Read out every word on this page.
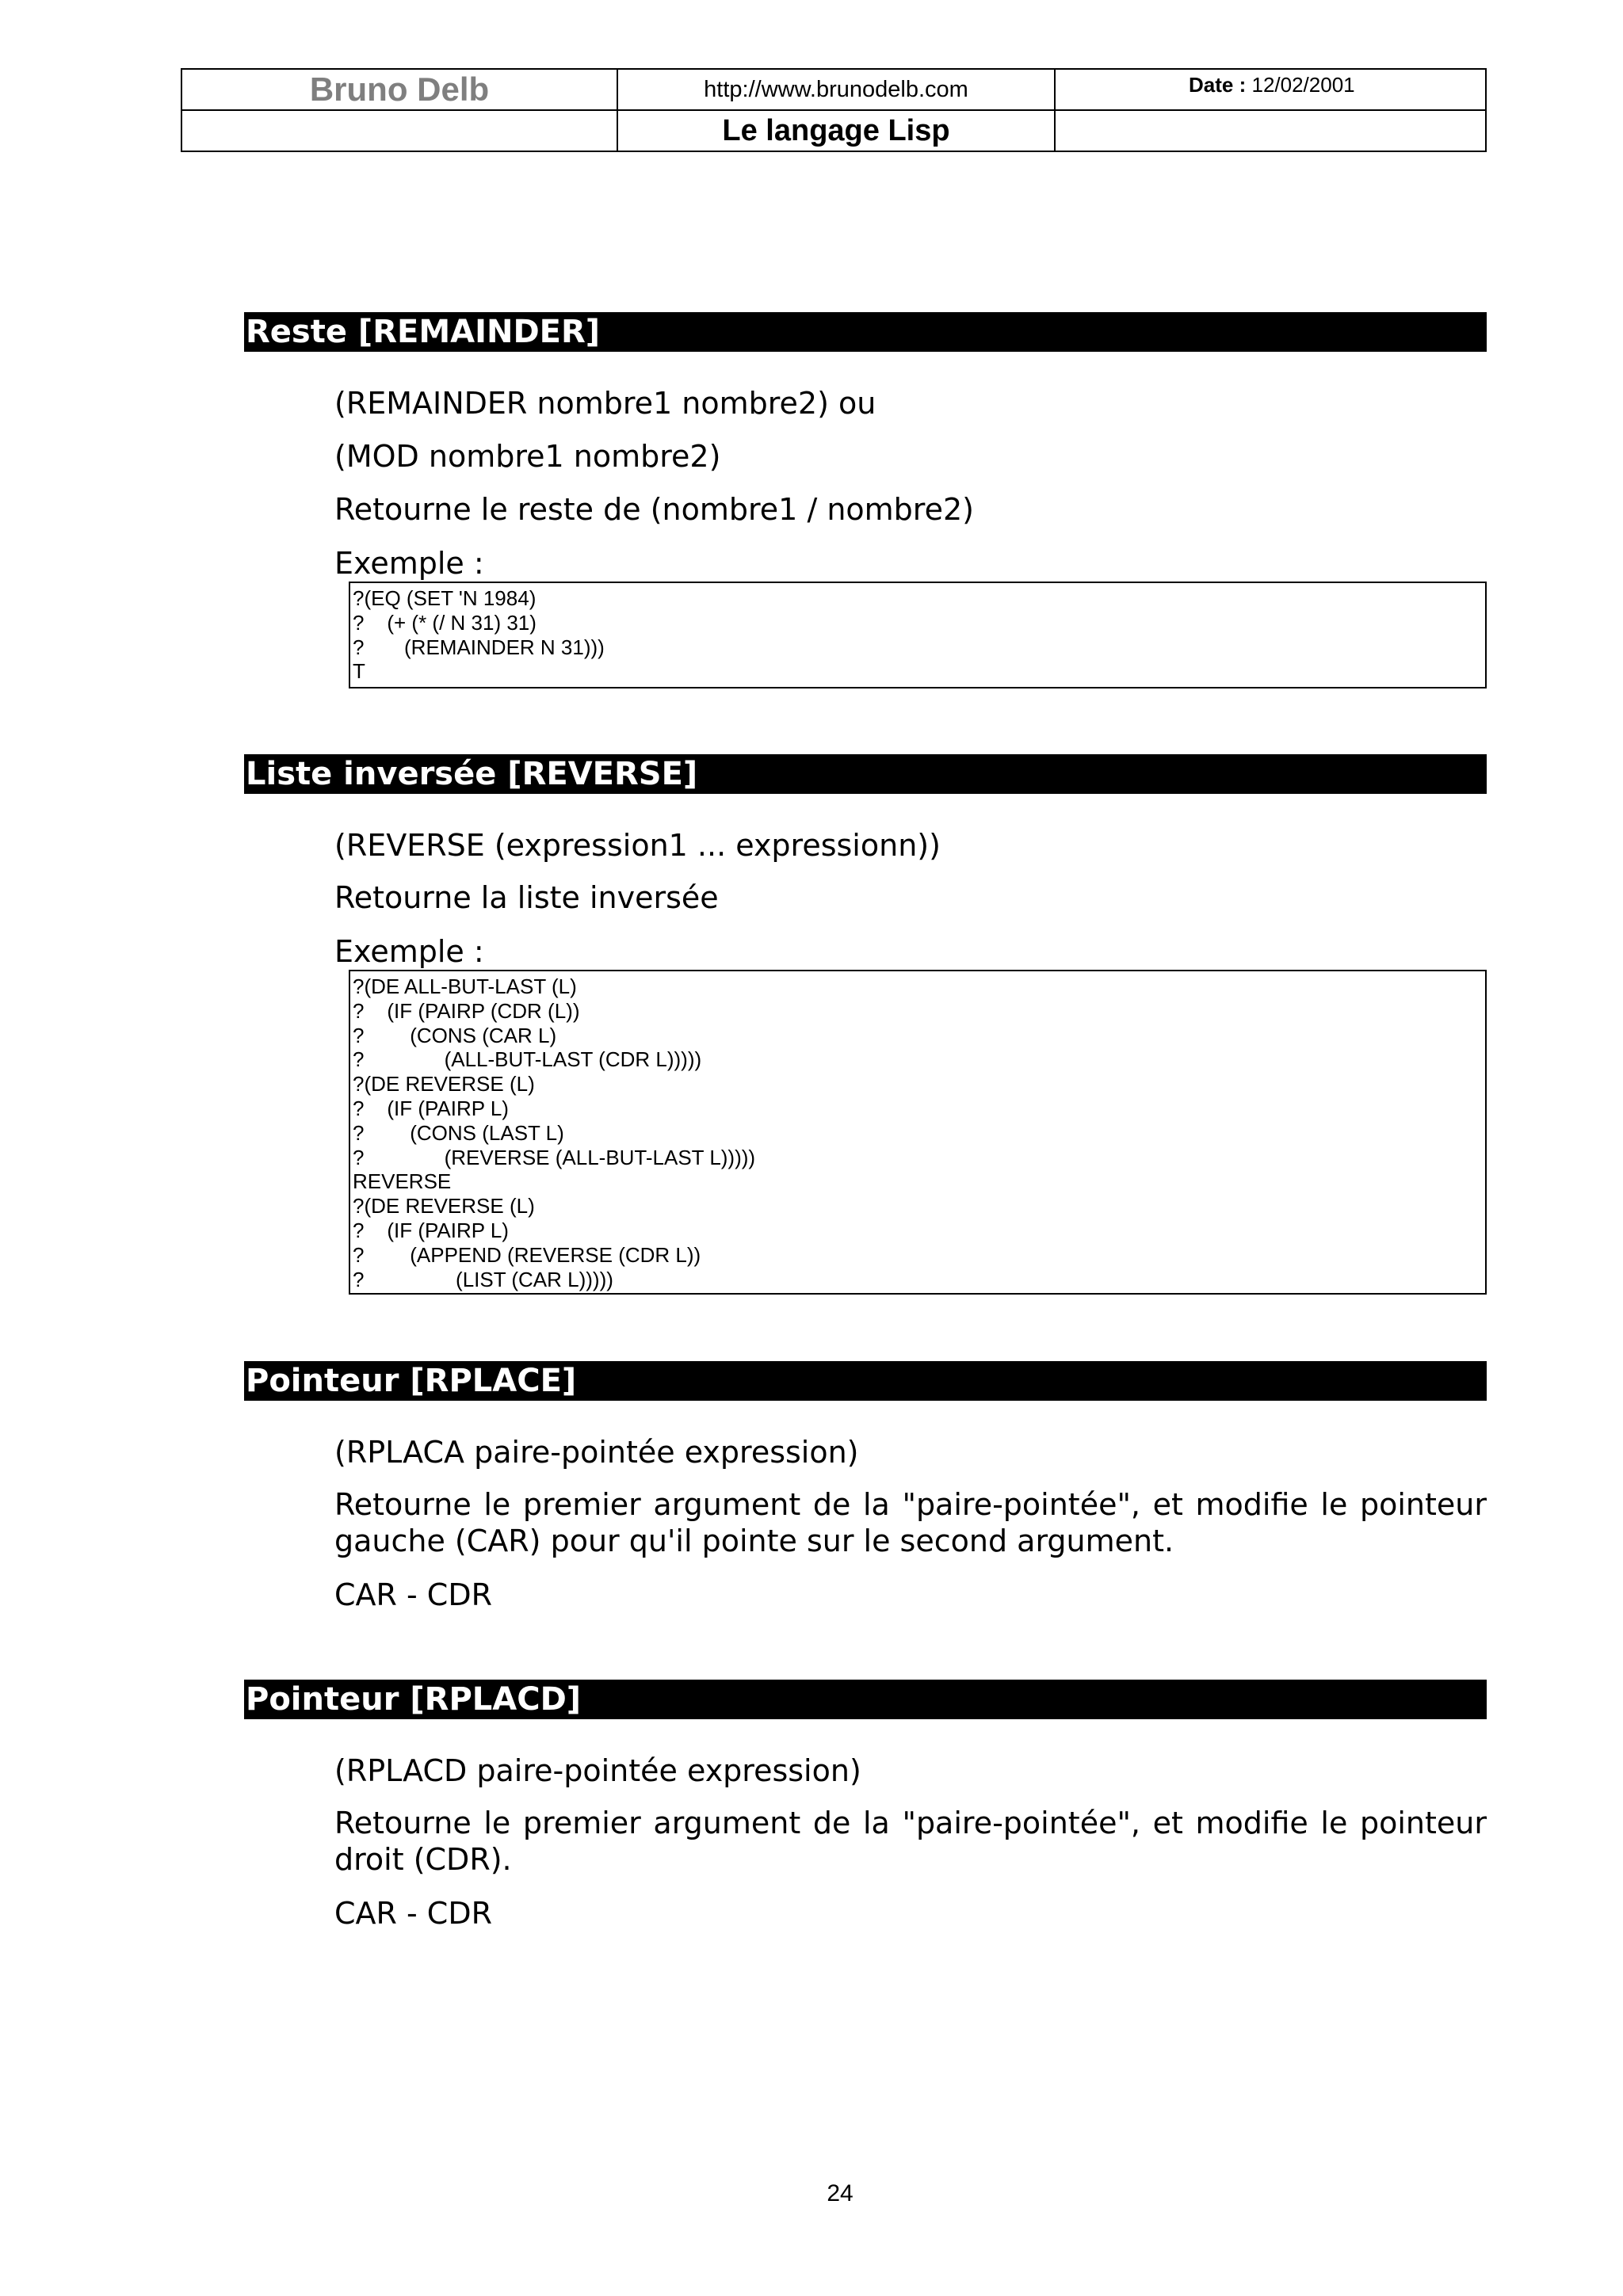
Bruno Delb	http://www.brunodelb.com	Date : 12/02/2001
	Le langage Lisp	
Reste [REMAINDER]
(REMAINDER nombre1 nombre2) ou
(MOD nombre1 nombre2)
Retourne le reste de (nombre1 / nombre2)
Exemple :
?(EQ (SET 'N 1984)
?    (+ (* (/ N 31) 31)
?       (REMAINDER N 31)))
T
Liste inversée [REVERSE]
(REVERSE (expression1 ... expressionn))
Retourne la liste inversée
Exemple :
?(DE ALL-BUT-LAST (L)
?    (IF (PAIRP (CDR (L))
?        (CONS (CAR L)
?              (ALL-BUT-LAST (CDR L)))))
?(DE REVERSE (L)
?    (IF (PAIRP L)
?        (CONS (LAST L)
?              (REVERSE (ALL-BUT-LAST L)))))
REVERSE
?(DE REVERSE (L)
?    (IF (PAIRP L)
?        (APPEND (REVERSE (CDR L))
?                (LIST (CAR L)))))
Pointeur [RPLACE]
(RPLACA paire-pointée expression)
Retourne le premier argument de la "paire-pointée", et modifie le pointeur gauche (CAR) pour qu'il pointe sur le second argument.
CAR - CDR
Pointeur [RPLACD]
(RPLACD paire-pointée expression)
Retourne le premier argument de la "paire-pointée", et modifie le pointeur droit (CDR).
CAR - CDR
24
